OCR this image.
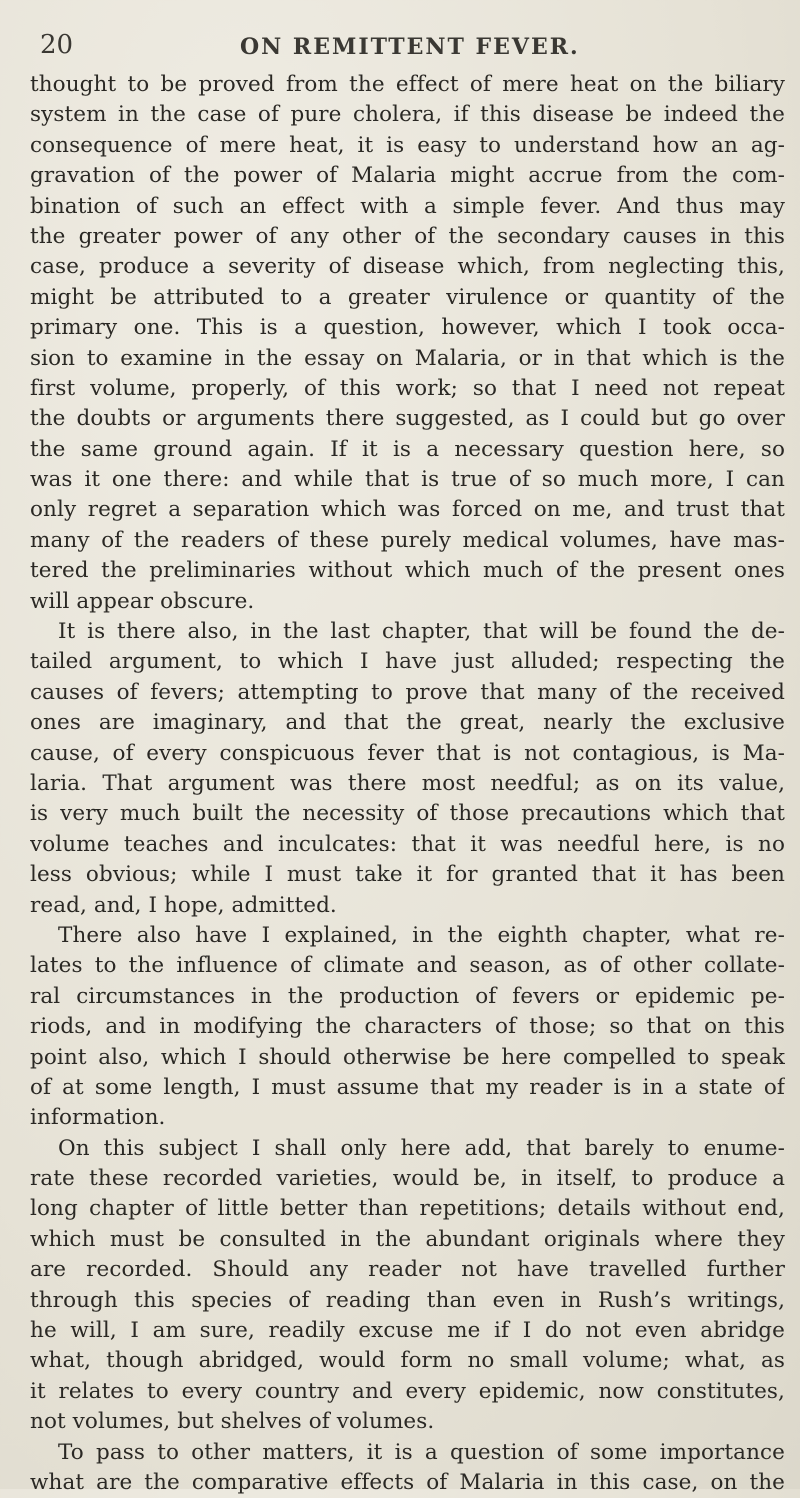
20	ON REMITTENT FEVER.
thought to be proved from the effect of mere heat on the biliary
system in the case of pure cholera, if this disease be indeed the
consequence of mere heat, it is easy to understand how an ag-
gravation of the power of Malaria might accrue from the com-
bination of such an effect with a simple fever. And thus may
the greater power of any other of the secondary causes in this
case, produce a severity of disease which, from neglecting this,
might be attributed to a greater virulence or quantity of the
primary one. This is a question, however, which I took occa-
sion to examine in the essay on Malaria, or in that which is the
first volume, properly, of this work; so that I need not repeat
the doubts or arguments there suggested, as I could but go over
the same ground again. If it is a necessary question here, so
was it one there: and while that is true of so much more, I can
only regret a separation which was forced on me, and trust that
many of the readers of these purely medical volumes, have mas-
tered the preliminaries without which much of the present ones
will appear obscure.
It is there also, in the last chapter, that will be found the de-
tailed argument, to which I have just alluded; respecting the
causes of fevers; attempting to prove that many of the received
ones are imaginary, and that the great, nearly the exclusive
cause, of every conspicuous fever that is not contagious, is Ma-
laria. That argument was there most needful; as on its value,
is very much built the necessity of those precautions which that
volume teaches and inculcates: that it was needful here, is no
less obvious; while I must take it for granted that it has been
read, and, I hope, admitted.
There also have I explained, in the eighth chapter, what re-
lates to the influence of climate and season, as of other collate-
ral circumstances in the production of fevers or epidemic pe-
riods, and in modifying the characters of those; so that on this
point also, which I should otherwise be here compelled to speak
of at some length, I must assume that my reader is in a state of
information.
On this subject I shall only here add, that barely to enume-
rate these recorded varieties, would be, in itself, to produce a
long chapter of little better than repetitions; details without end,
which must be consulted in the abundant originals where they
are recorded. Should any reader not have travelled further
through this species of reading than even in Rush’s writings,
he will, I am sure, readily excuse me if I do not even abridge
what, though abridged, would form no small volume; what, as
it relates to every country and every epidemic, now constitutes,
not volumes, but shelves of volumes.
To pass to other matters, it is a question of some importance
what are the comparative effects of Malaria in this case, on the
